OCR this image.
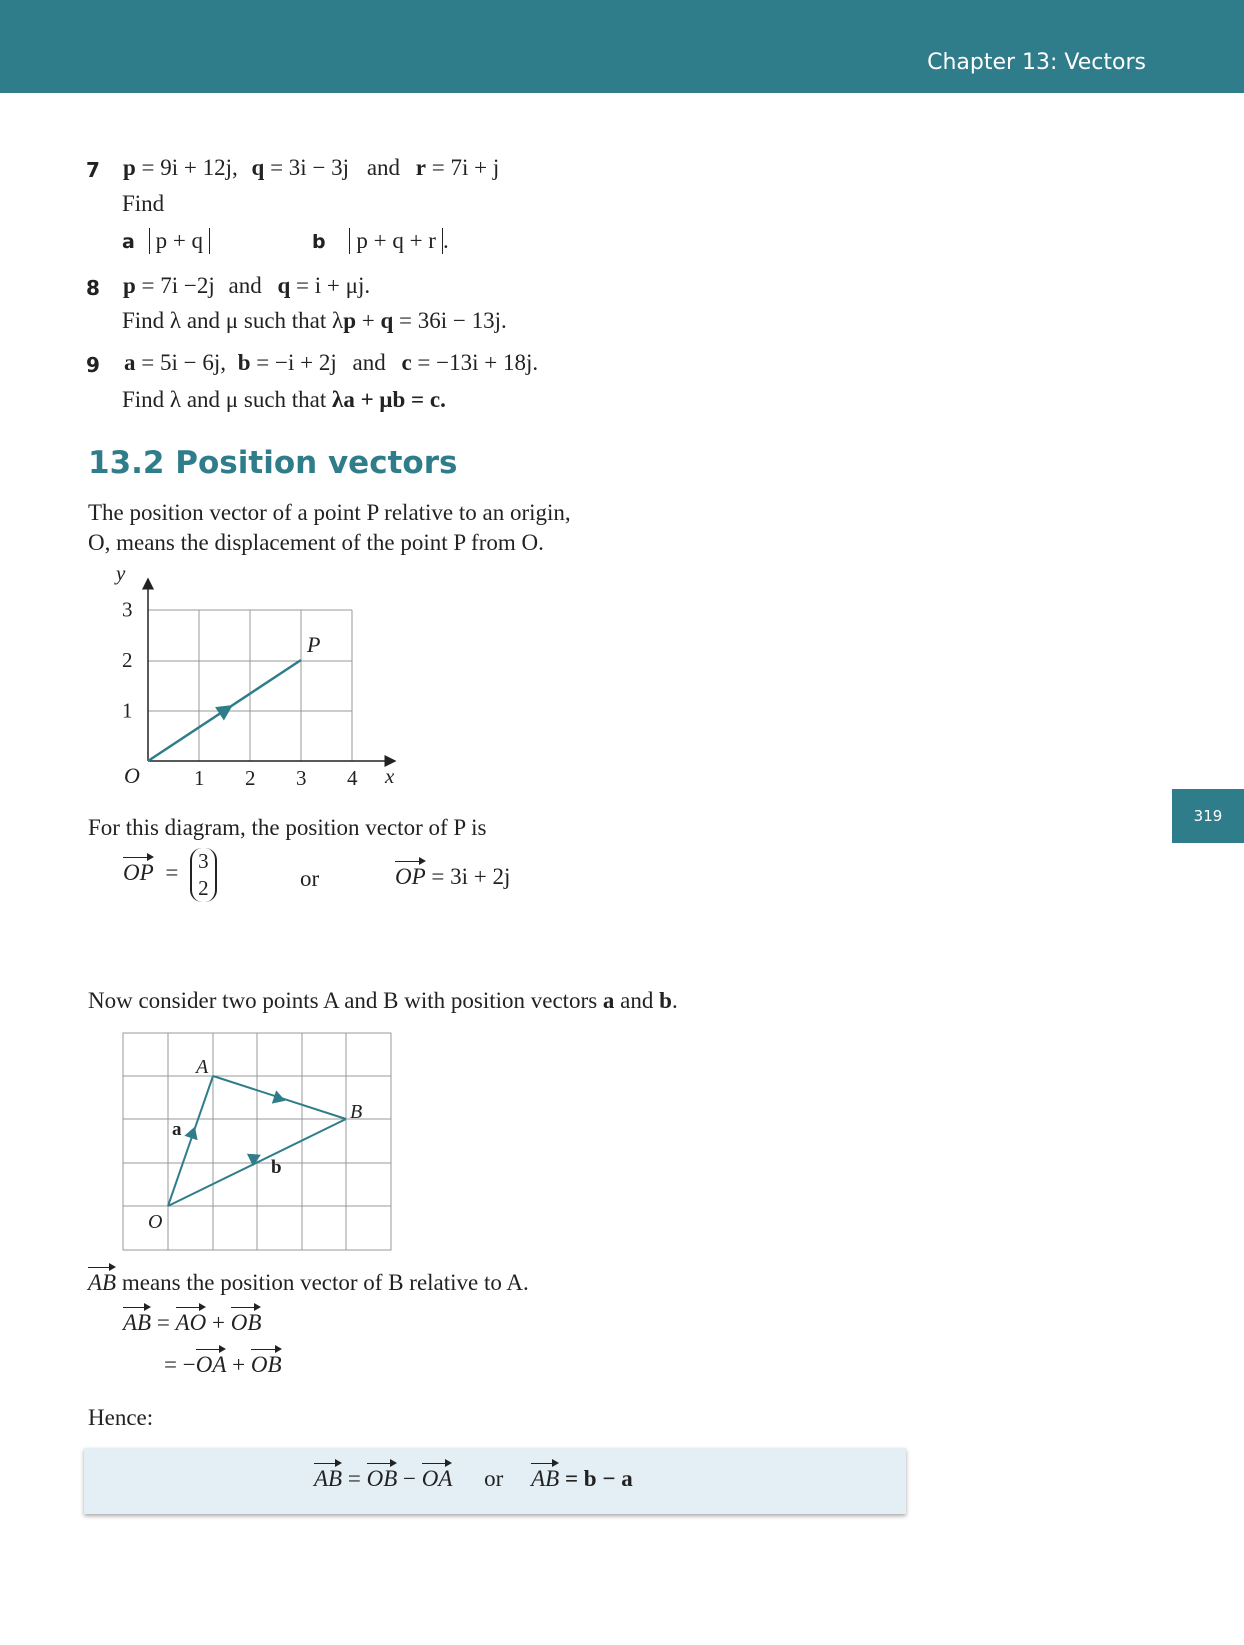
Chapter 13: Vectors
319
7 p = 9i + 12j, q = 3i − 3j and r = 7i + j
Find
a p + q	b p + q + r .
8 p = 7i −2j and q = i + μj.
Find λ and μ such that λp + q = 36i − 13j.
9 a = 5i − 6j, b = −i + 2j and c = −13i + 18j.
Find λ and μ such that λa + μb = c.
13.2 Position vectors
The position vector of a point P relative to an origin,
O, means the displacement of the point P from O.
1 2 3 4
1
2
3
y
x
O
P
For this diagram, the position vector of P is
OP = 3
2	or	OP = 3i + 2j
Now consider two points A and B with position vectors a and b.
A
B
O
a
b
AB means the position vector of B relative to A.
AB = AO + OB
= −OA + OB
Hence:
AB = OB − OA or AB = b − a
